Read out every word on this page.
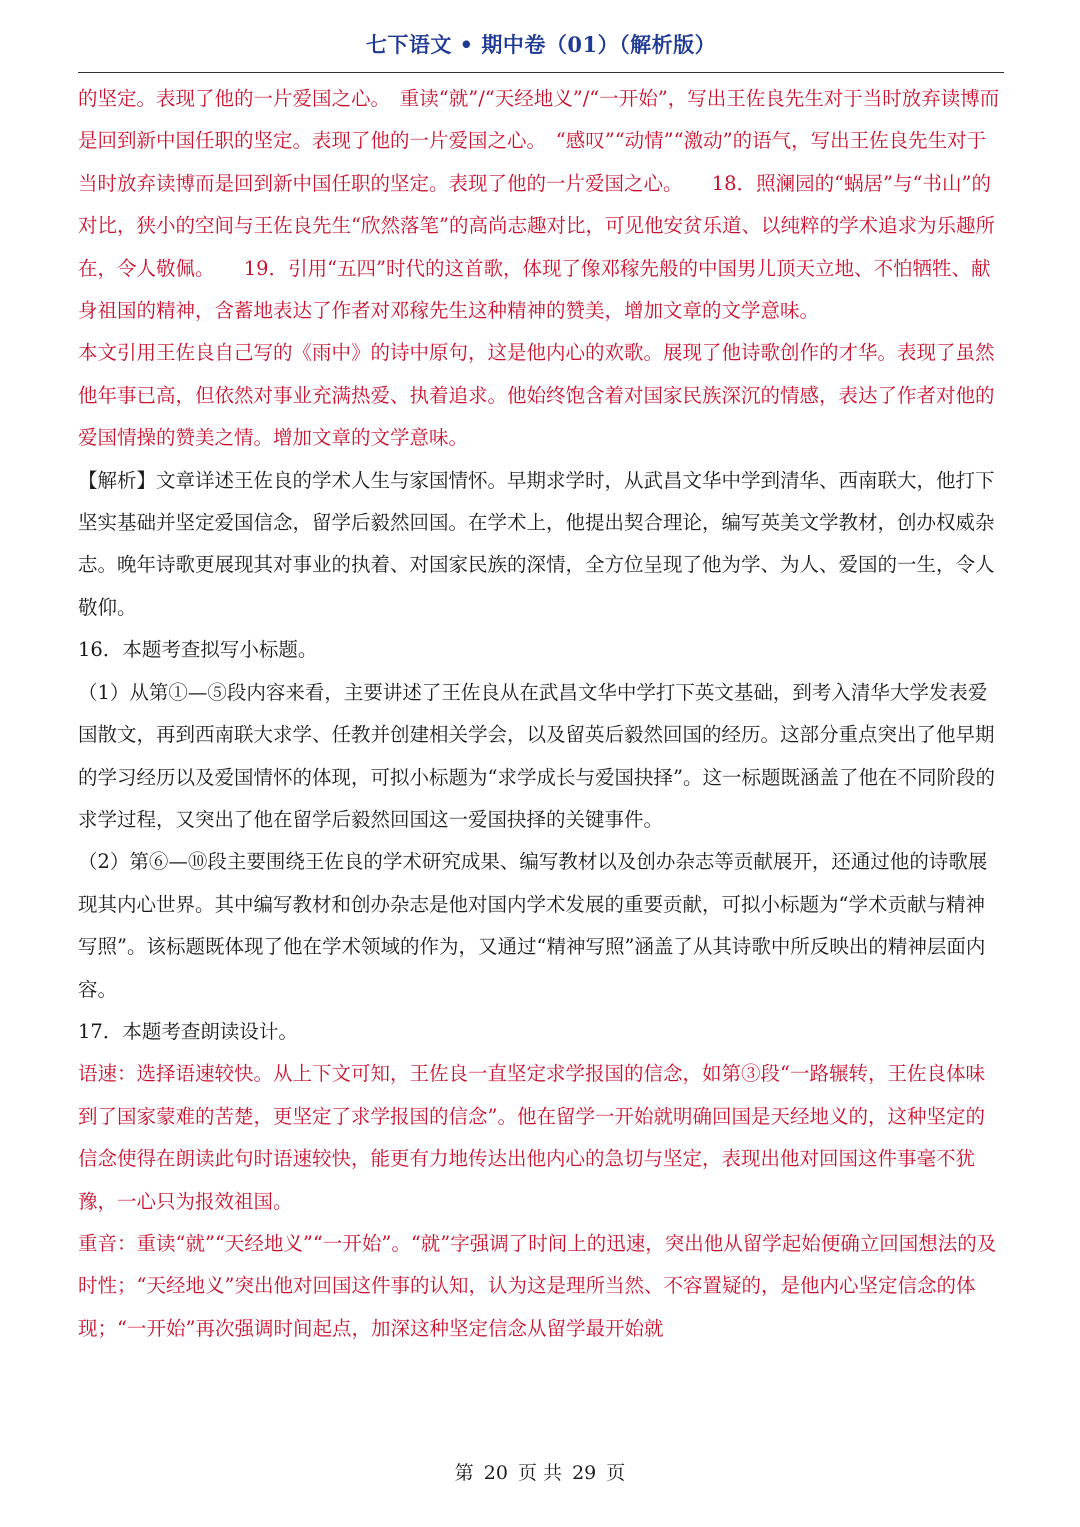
七下语文 • 期中卷（01）（解析版）

的坚定。表现了他的一片爱国之心。　重读“就”/“天经地义”/“一开始”，写出王佐良先生对于当时放弃读博而是回到新中国任职的坚定。表现了他的一片爱国之心。　“感叹”“动情”“激动”的语气，写出王佐良先生对于当时放弃读博而是回到新中国任职的坚定。表现了他的一片爱国之心。　　18．照澜园的“蜗居”与“书山”的对比，狭小的空间与王佐良先生“欣然落笔”的高尚志趣对比，可见他安贫乐道、以纯粹的学术追求为乐趣所在，令人敬佩。　　19．引用“五四”时代的这首歌，体现了像邓稼先般的中国男儿顶天立地、不怕牺牲、献身祖国的精神，含蓄地表达了作者对邓稼先生这种精神的赞美，增加文章的文学意味。

本文引用王佐良自己写的《雨中》的诗中原句，这是他内心的欢歌。展现了他诗歌创作的才华。表现了虽然他年事已高，但依然对事业充满热爱、执着追求。他始终饱含着对国家民族深沉的情感，表达了作者对他的爱国情操的赞美之情。增加文章的文学意味。

【解析】文章详述王佐良的学术人生与家国情怀。早期求学时，从武昌文华中学到清华、西南联大，他打下坚实基础并坚定爱国信念，留学后毅然回国。在学术上，他提出契合理论，编写英美文学教材，创办权威杂志。晚年诗歌更展现其对事业的执着、对国家民族的深情，全方位呈现了他为学、为人、爱国的一生，令人敬仰。

16．本题考查拟写小标题。

（1）从第①—⑤段内容来看，主要讲述了王佐良从在武昌文华中学打下英文基础，到考入清华大学发表爱国散文，再到西南联大求学、任教并创建相关学会，以及留英后毅然回国的经历。这部分重点突出了他早期的学习经历以及爱国情怀的体现，可拟小标题为“求学成长与爱国抉择”。这一标题既涵盖了他在不同阶段的求学过程，又突出了他在留学后毅然回国这一爱国抉择的关键事件。

（2）第⑥—⑩段主要围绕王佐良的学术研究成果、编写教材以及创办杂志等贡献展开，还通过他的诗歌展现其内心世界。其中编写教材和创办杂志是他对国内学术发展的重要贡献，可拟小标题为“学术贡献与精神写照”。该标题既体现了他在学术领域的作为，又通过“精神写照”涵盖了从其诗歌中所反映出的精神层面内容。

17．本题考查朗读设计。

语速：选择语速较快。从上下文可知，王佐良一直坚定求学报国的信念，如第③段“一路辗转，王佐良体味到了国家蒙难的苦楚，更坚定了求学报国的信念”。他在留学一开始就明确回国是天经地义的，这种坚定的信念使得在朗读此句时语速较快，能更有力地传达出他内心的急切与坚定，表现出他对回国这件事毫不犹豫，一心只为报效祖国。

重音：重读“就”“天经地义”“一开始”。“就”字强调了时间上的迅速，突出他从留学起始便确立回国想法的及时性；“天经地义”突出他对回国这件事的认知，认为这是理所当然、不容置疑的，是他内心坚定信念的体现；“一开始”再次强调时间起点，加深这种坚定信念从留学最开始就

第 20 页 共 29 页
